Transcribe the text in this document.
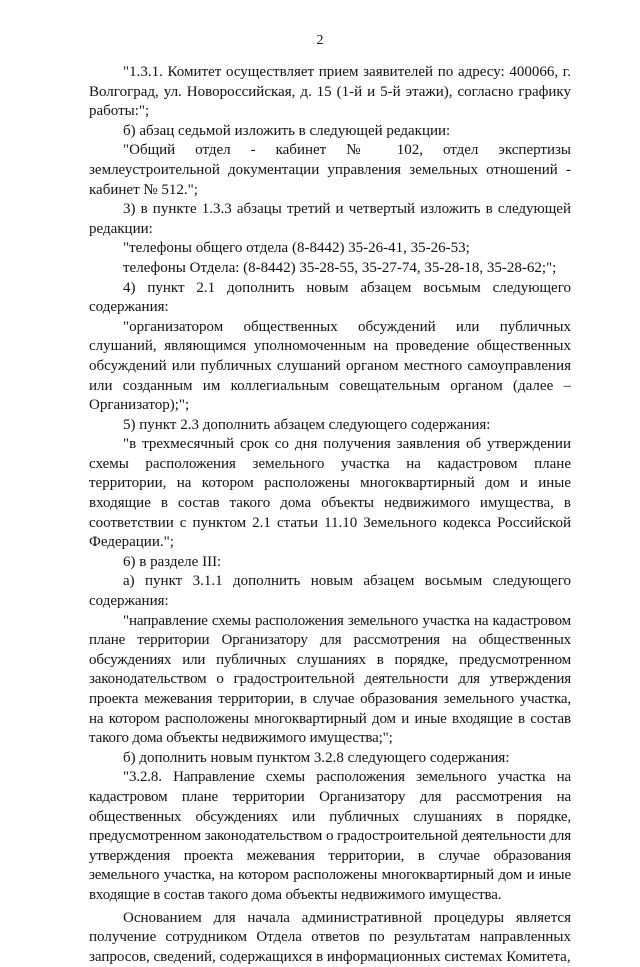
2

"1.3.1. Комитет осуществляет прием заявителей по адресу: 400066, г. Волгоград, ул. Новороссийская, д. 15 (1-й и 5-й этажи), согласно графику работы:";

б) абзац седьмой изложить в следующей редакции:

"Общий отдел - кабинет № 102, отдел экспертизы землеустроительной документации управления земельных отношений - кабинет № 512.";

3) в пункте 1.3.3 абзацы третий и четвертый изложить в следующей редакции:

"телефоны общего отдела (8-8442) 35-26-41, 35-26-53;

телефоны Отдела: (8-8442) 35-28-55, 35-27-74, 35-28-18, 35-28-62;";

4) пункт 2.1 дополнить новым абзацем восьмым следующего содержания:

"организатором общественных обсуждений или публичных слушаний, являющимся уполномоченным на проведение общественных обсуждений или публичных слушаний органом местного самоуправления или созданным им коллегиальным совещательным органом (далее – Организатор);";

5) пункт 2.3 дополнить абзацем следующего содержания:

"в трехмесячный срок со дня получения заявления об утверждении схемы расположения земельного участка на кадастровом плане территории, на котором расположены многоквартирный дом и иные входящие в состав такого дома объекты недвижимого имущества, в соответствии с пунктом 2.1 статьи 11.10 Земельного кодекса Российской Федерации.";

6) в разделе III:

а) пункт 3.1.1 дополнить новым абзацем восьмым следующего содержания:

"направление схемы расположения земельного участка на кадастровом плане территории Организатору для рассмотрения на общественных обсуждениях или публичных слушаниях в порядке, предусмотренном законодательством о градостроительной деятельности для утверждения проекта межевания территории, в случае образования земельного участка, на котором расположены многоквартирный дом и иные входящие в состав такого дома объекты недвижимого имущества;";

б) дополнить новым пунктом 3.2.8 следующего содержания:

"3.2.8. Направление схемы расположения земельного участка на кадастровом плане территории Организатору для рассмотрения на общественных обсуждениях или публичных слушаниях в порядке, предусмотренном законодательством о градостроительной деятельности для утверждения проекта межевания территории, в случае образования земельного участка, на котором расположены многоквартирный дом и иные входящие в состав такого дома объекты недвижимого имущества.

Основанием для начала административной процедуры является получение сотрудником Отдела ответов по результатам направленных запросов, сведений, содержащихся в информационных системах Комитета,
